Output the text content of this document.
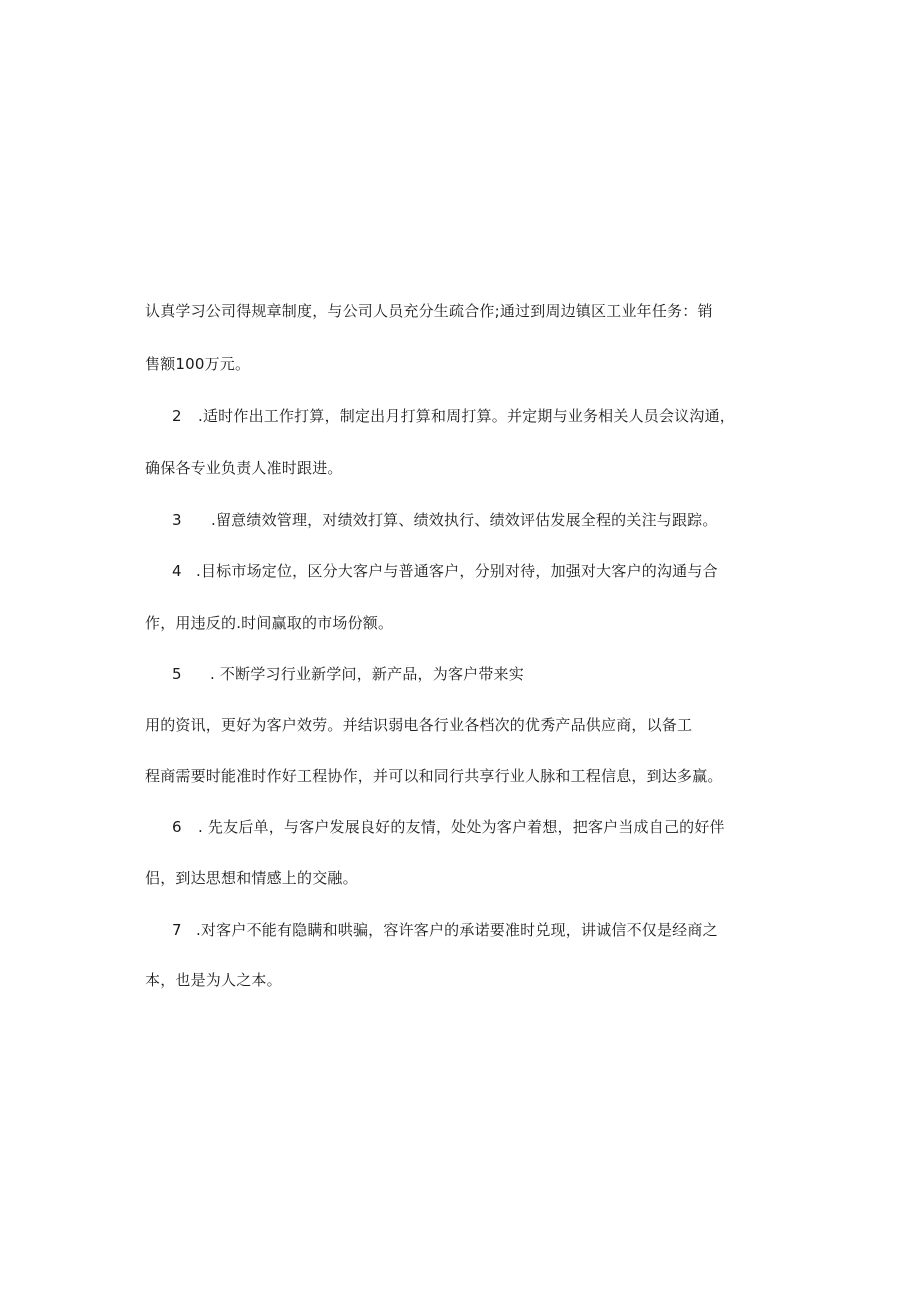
认真学习公司得规章制度，与公司人员充分生疏合作;通过到周边镇区工业年任务：销
售额100万元。
2 .适时作出工作打算，制定出月打算和周打算。并定期与业务相关人员会议沟通，
确保各专业负责人准时跟进。
3 .留意绩效管理，对绩效打算、绩效执行、绩效评估发展全程的关注与跟踪。
4 .目标市场定位，区分大客户与普通客户，分别对待，加强对大客户的沟通与合
作，用违反的.时间赢取的市场份额。
5 . 不断学习行业新学问，新产品，为客户带来实
用的资讯，更好为客户效劳。并结识弱电各行业各档次的优秀产品供应商，以备工
程商需要时能准时作好工程协作，并可以和同行共享行业人脉和工程信息，到达多赢。
6 . 先友后单，与客户发展良好的友情，处处为客户着想，把客户当成自己的好伴
侣，到达思想和情感上的交融。
7 .对客户不能有隐瞒和哄骗，容许客户的承诺要准时兑现，讲诚信不仅是经商之
本，也是为人之本。
